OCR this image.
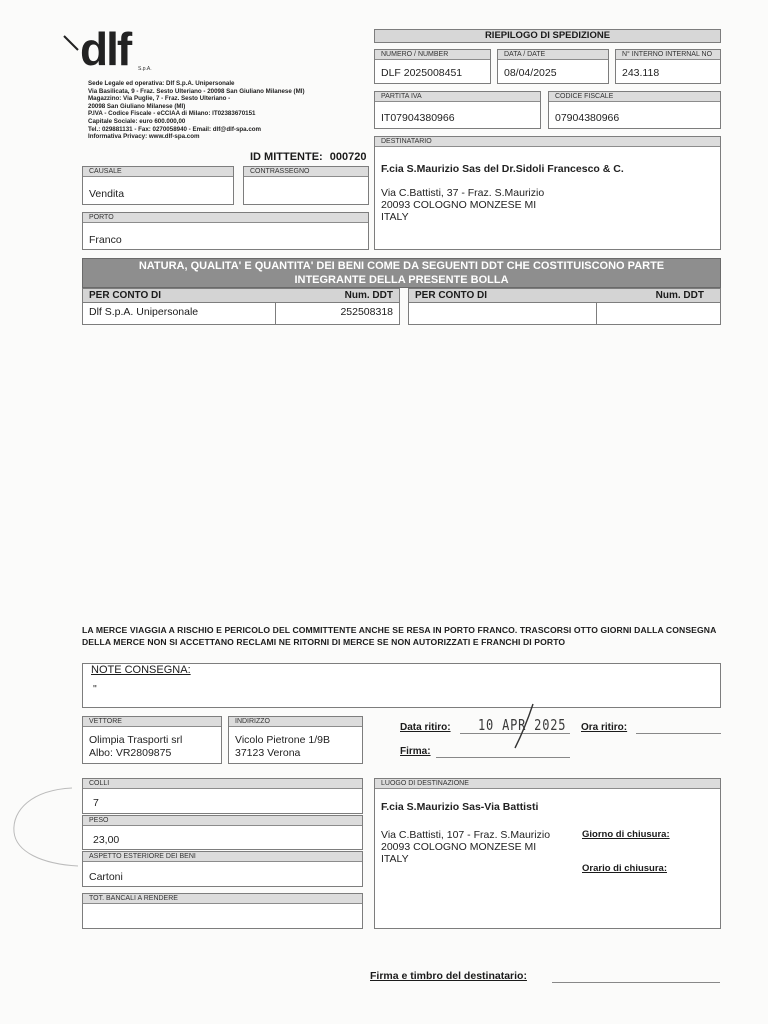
dlf S.p.A.
Sede Legale ed operativa: Dlf S.p.A. Unipersonale
Via Basilicata, 9 - Fraz. Sesto Ulteriano - 20098 San Giuliano Milanese (MI)
Magazzino: Via Puglie, 7 - Fraz. Sesto Ulteriano -
20098 San Giuliano Milanese (MI)
P.IVA - Codice Fiscale - eCCIAA di Milano: IT02383670151
Capitale Sociale: euro 600.000,00
Tel.: 029881131 - Fax: 0270058940 - Email: dlf@dlf-spa.com
Informativa Privacy: www.dlf-spa.com
ID MITTENTE: 000720
RIEPILOGO DI SPEDIZIONE
NUMERO / NUMBER
DLF 2025008451
DATA / DATE
08/04/2025
N° INTERNO INTERNAL NO
243.118
PARTITA IVA
IT07904380966
CODICE FISCALE
07904380966
DESTINATARIO
F.cia S.Maurizio Sas del Dr.Sidoli Francesco & C.
Via C.Battisti, 37 - Fraz. S.Maurizio
20093 COLOGNO MONZESE MI
ITALY
CAUSALE
Vendita
CONTRASSEGNO
PORTO
Franco
NATURA, QUALITA' E QUANTITA' DEI BENI COME DA SEGUENTI DDT CHE COSTITUISCONO PARTE
INTEGRANTE DELLA PRESENTE BOLLA
PER CONTO DI	Num. DDT
Dlf S.p.A. Unipersonale	252508318
PER CONTO DI	Num. DDT
LA MERCE VIAGGIA A RISCHIO E PERICOLO DEL COMMITTENTE ANCHE SE RESA IN PORTO FRANCO. TRASCORSI OTTO GIORNI DALLA CONSEGNA DELLA MERCE NON SI ACCETTANO RECLAMI NE RITORNI DI MERCE SE NON AUTORIZZATI E FRANCHI DI PORTO
NOTE CONSEGNA:
''
VETTORE
Olimpia Trasporti srl
Albo: VR2809875
INDIRIZZO
Vicolo Pietrone 1/9B
37123 Verona
Data ritiro: 10 APR 2025 Ora ritiro:
Firma:
COLLI
7
PESO
23,00
ASPETTO ESTERIORE DEI BENI
Cartoni
TOT. BANCALI A RENDERE
LUOGO DI DESTINAZIONE
F.cia S.Maurizio Sas-Via Battisti
Via C.Battisti, 107 - Fraz. S.Maurizio
20093 COLOGNO MONZESE MI
ITALY
Giorno di chiusura:
Orario di chiusura:
Firma e timbro del destinatario:
